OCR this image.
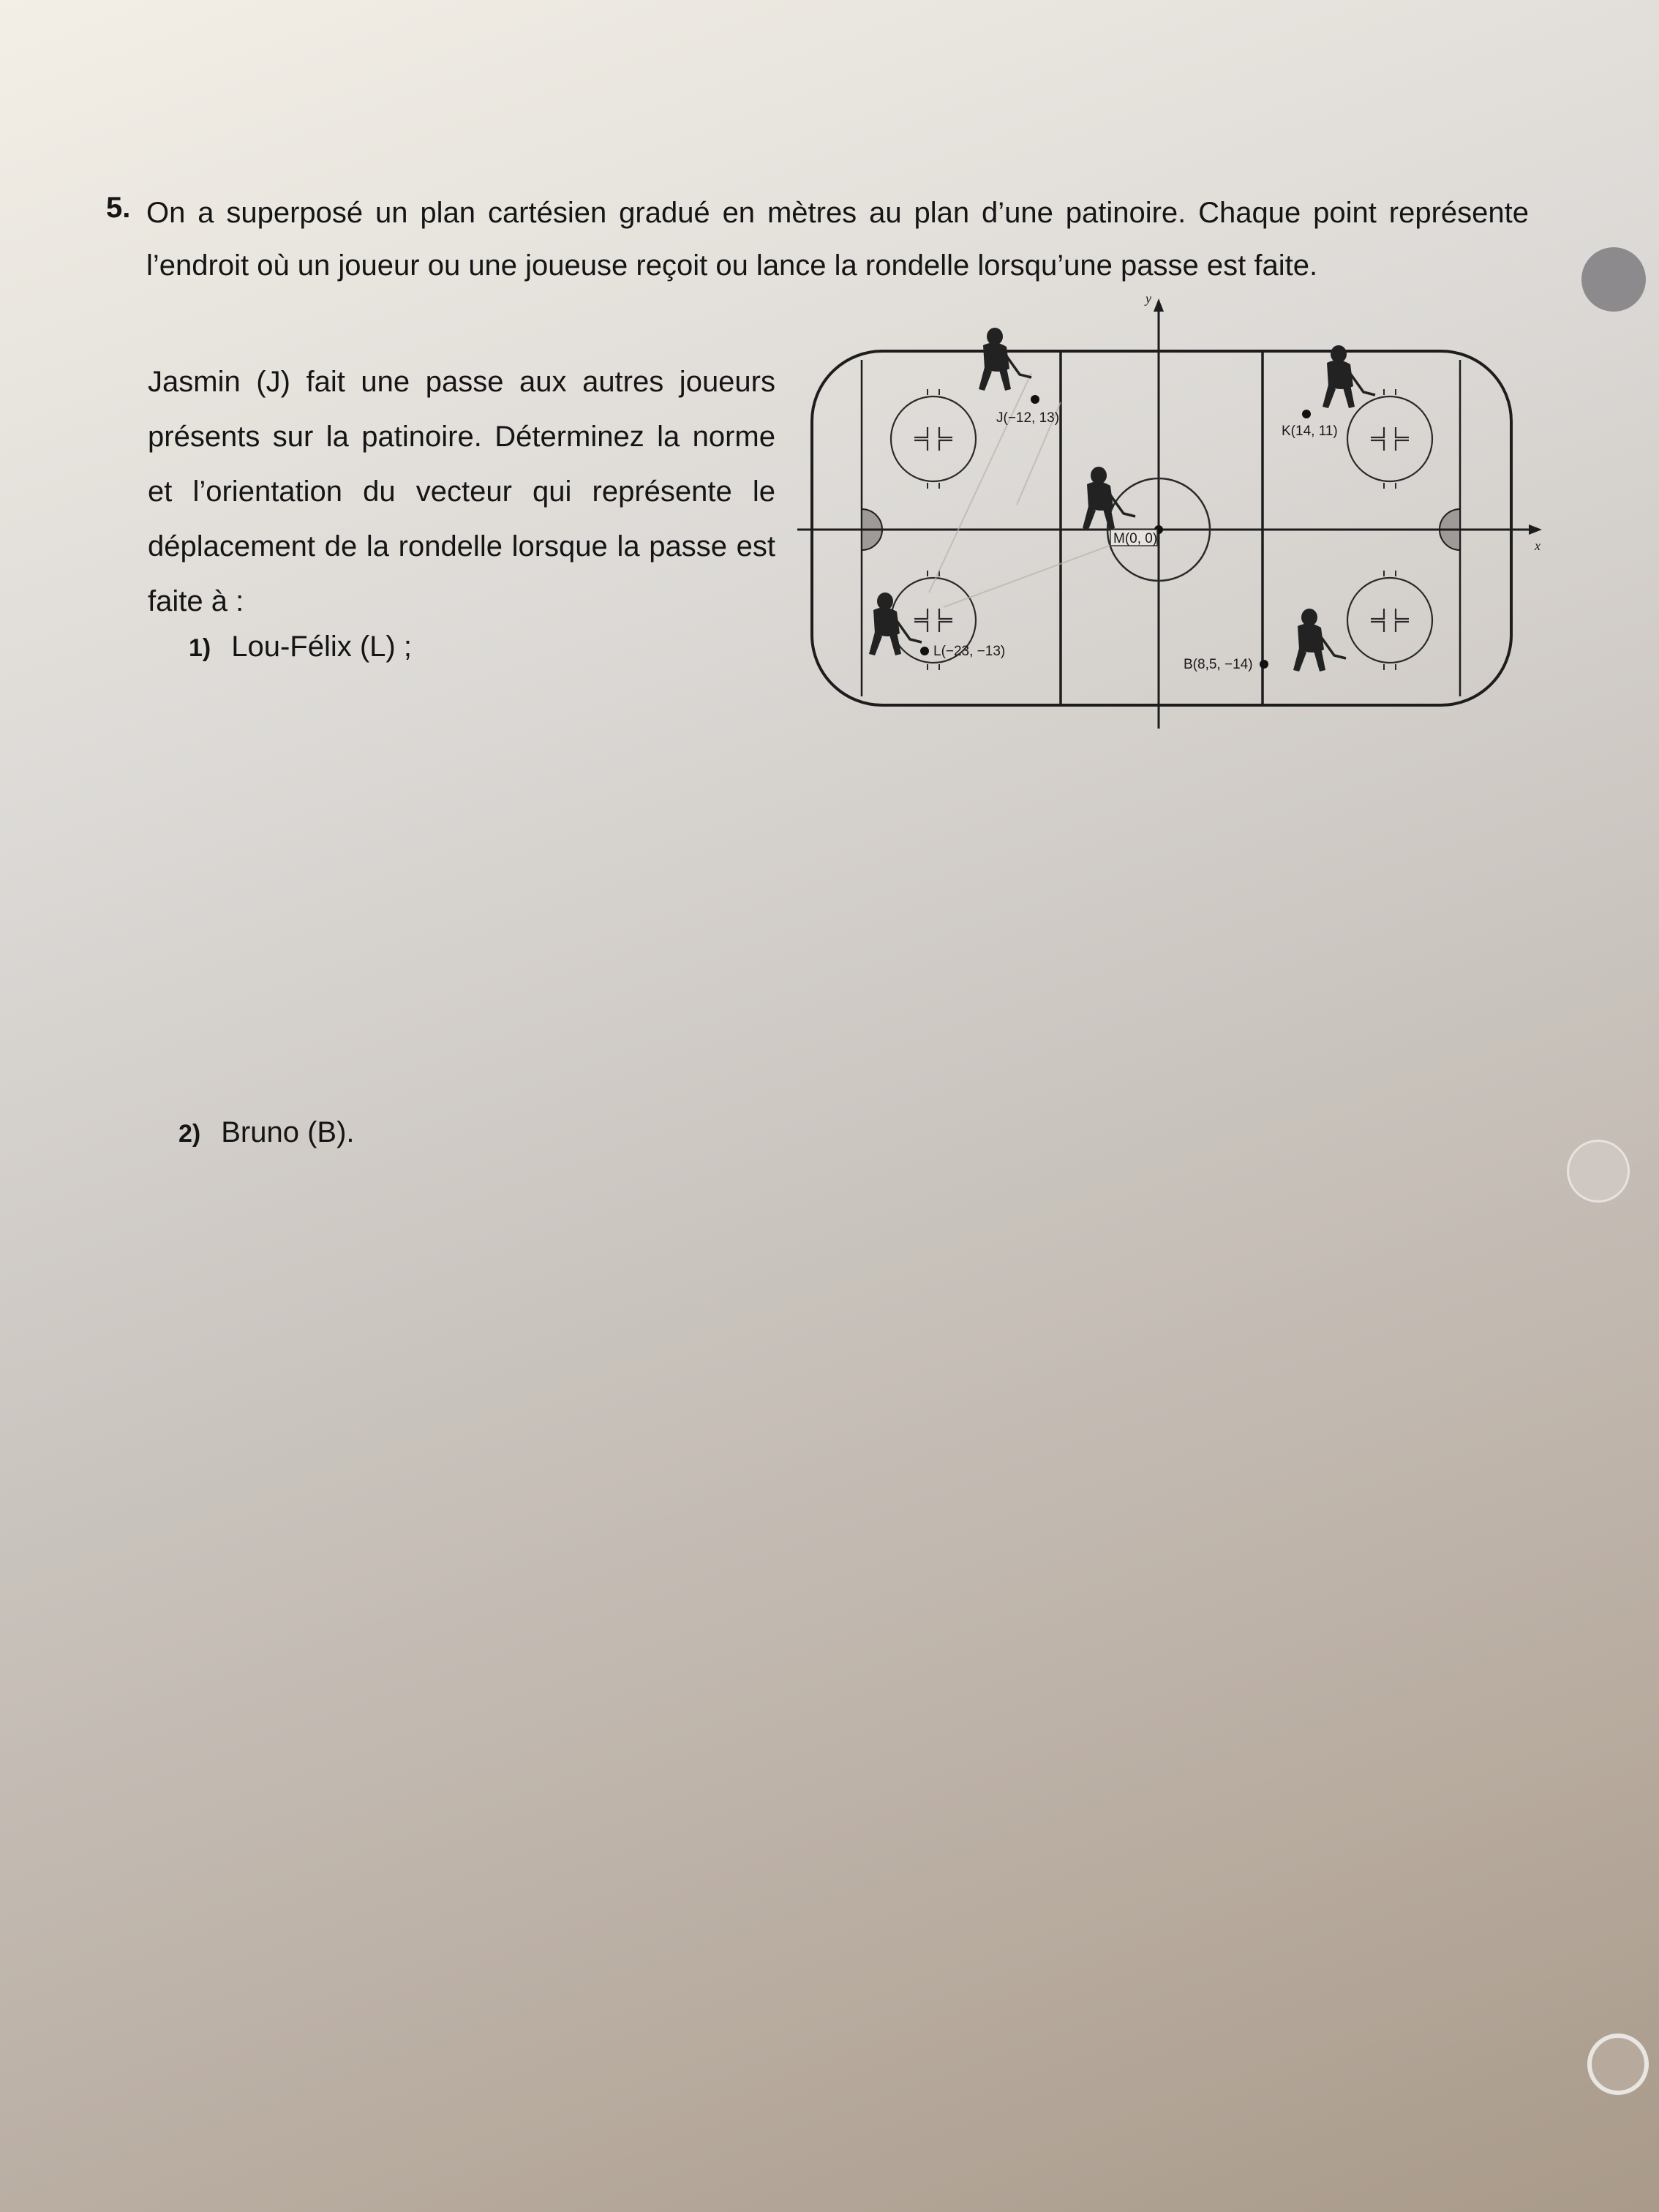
5. On a superposé un plan cartésien gradué en mètres au plan d’une patinoire. Chaque point représente l’endroit où un joueur ou une joueuse reçoit ou lance la rondelle lorsqu’une passe est faite.
Jasmin (J) fait une passe aux autres joueurs présents sur la patinoire. Déterminez la norme et l’orientation du vecteur qui représente le déplacement de la rondelle lorsque la passe est faite à :
1) Lou-Félix (L) ;
2) Bruno (B).
x
y
J(−12, 13)
K(14, 11)
M(0, 0)
L(−23, −13)
B(8,5, −14)
